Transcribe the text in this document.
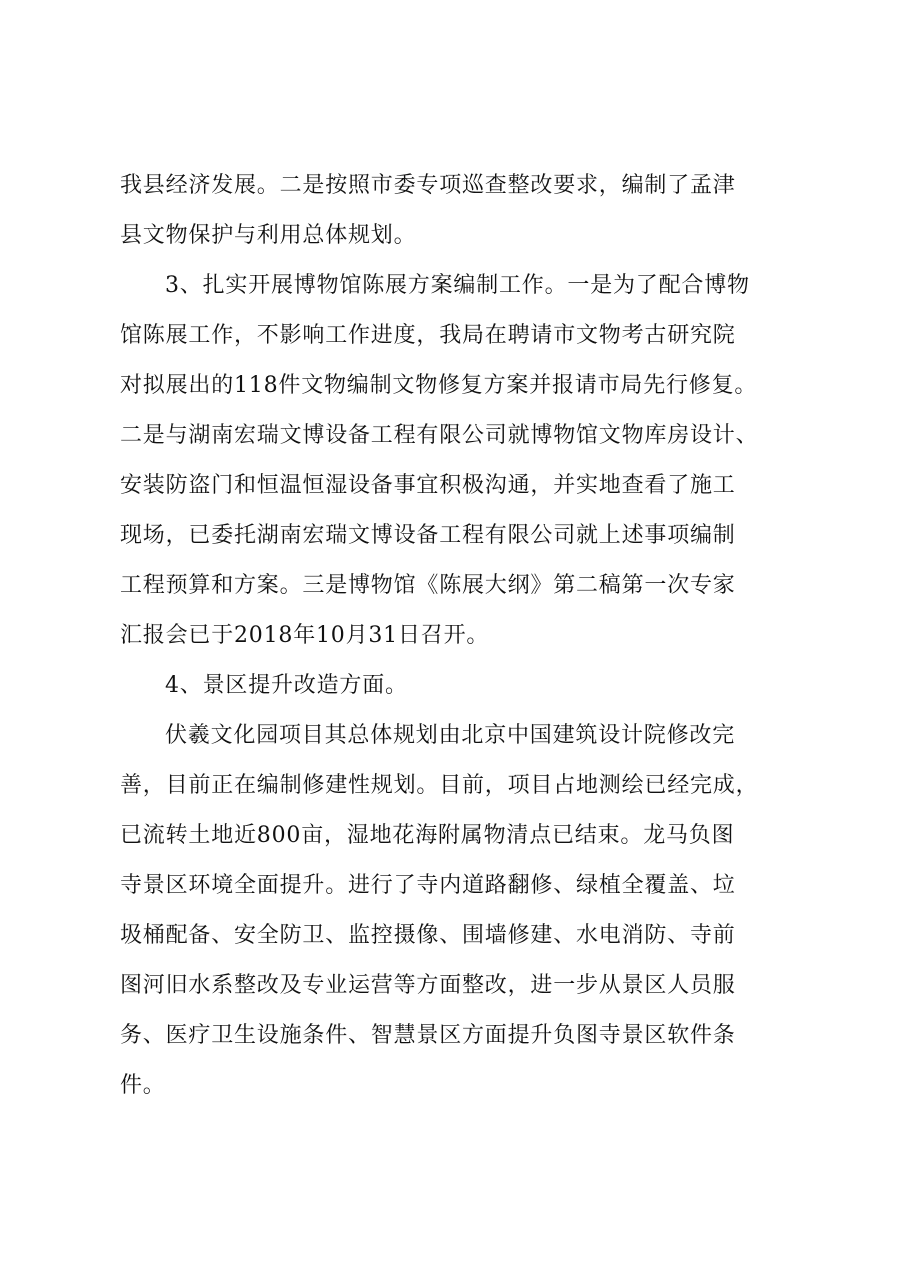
我县经济发展。二是按照市委专项巡查整改要求，编制了孟津
县文物保护与利用总体规划。
3、扎实开展博物馆陈展方案编制工作。一是为了配合博物
馆陈展工作，不影响工作进度，我局在聘请市文物考古研究院
对拟展出的118件文物编制文物修复方案并报请市局先行修复。
二是与湖南宏瑞文博设备工程有限公司就博物馆文物库房设计、
安装防盗门和恒温恒湿设备事宜积极沟通，并实地查看了施工
现场，已委托湖南宏瑞文博设备工程有限公司就上述事项编制
工程预算和方案。三是博物馆《陈展大纲》第二稿第一次专家
汇报会已于2018年10月31日召开。
4、景区提升改造方面。
伏羲文化园项目其总体规划由北京中国建筑设计院修改完
善，目前正在编制修建性规划。目前，项目占地测绘已经完成，
已流转土地近800亩，湿地花海附属物清点已结束。龙马负图
寺景区环境全面提升。进行了寺内道路翻修、绿植全覆盖、垃
圾桶配备、安全防卫、监控摄像、围墙修建、水电消防、寺前
图河旧水系整改及专业运营等方面整改，进一步从景区人员服
务、医疗卫生设施条件、智慧景区方面提升负图寺景区软件条
件。
